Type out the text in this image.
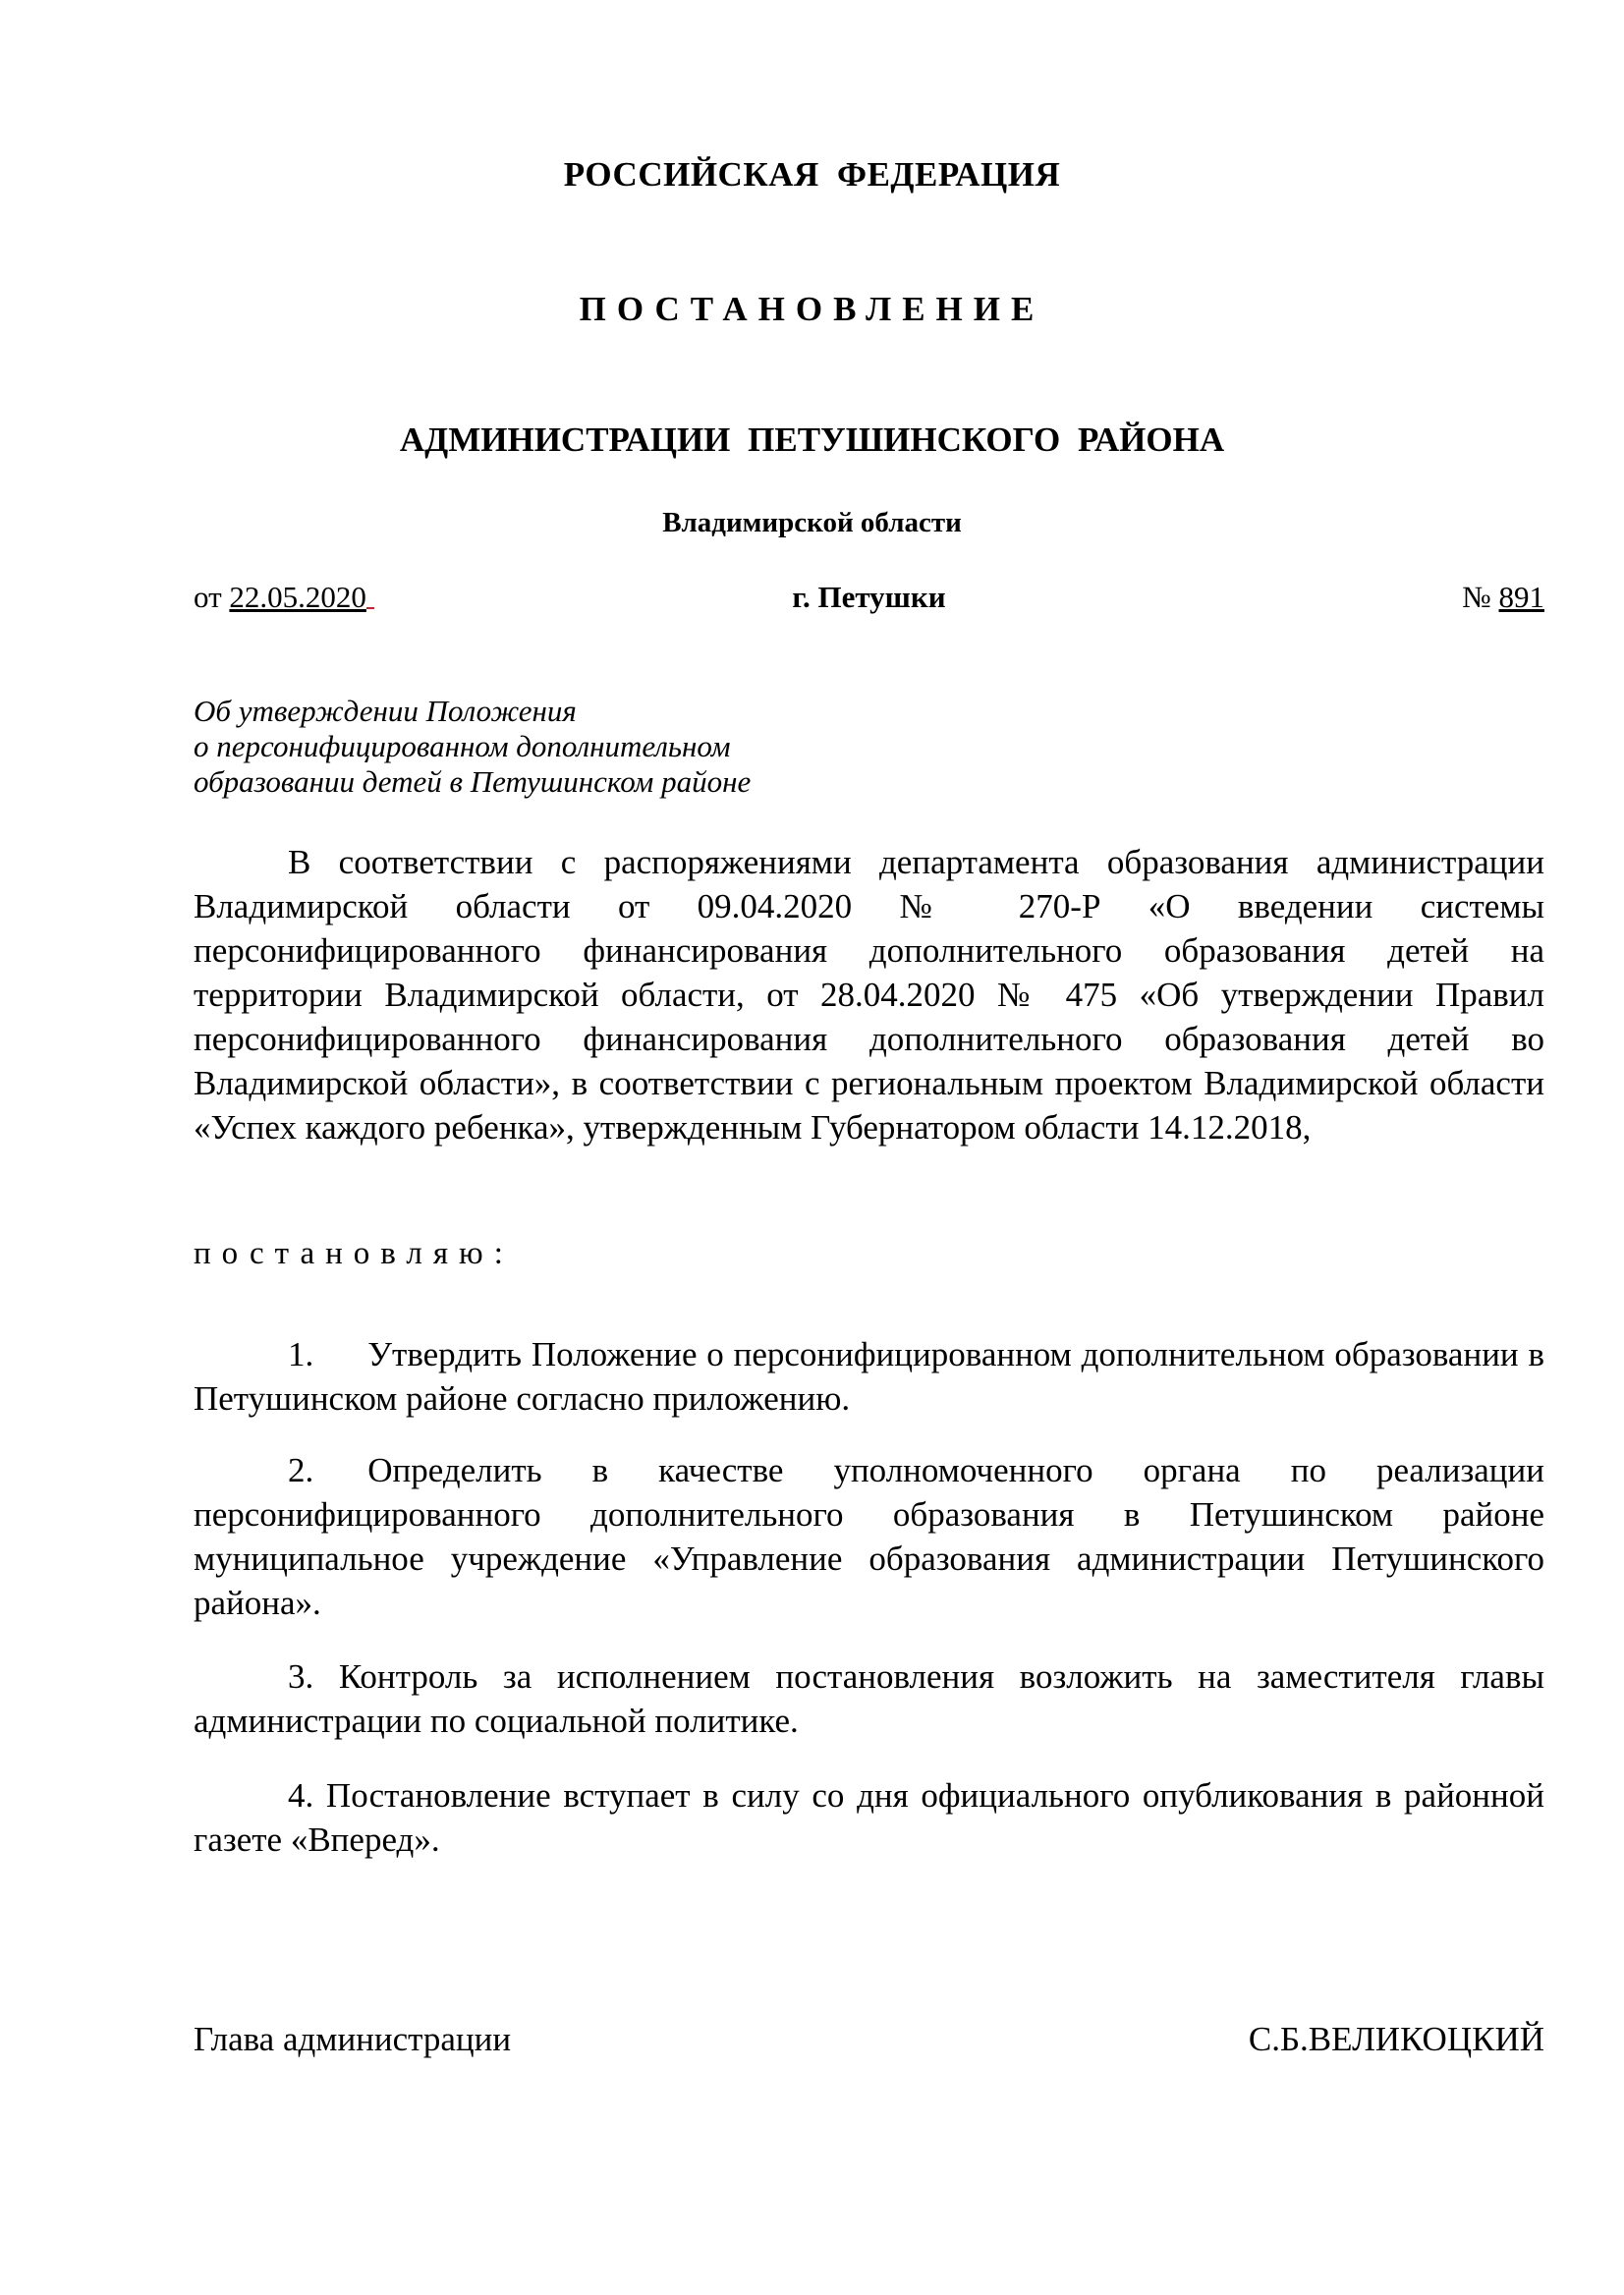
РОССИЙСКАЯ ФЕДЕРАЦИЯ
ПОСТАНОВЛЕНИЕ
АДМИНИСТРАЦИИ ПЕТУШИНСКОГО РАЙОНА
Владимирской области
от 22.05.2020	г. Петушки	№ 891
Об утверждении Положения
о персонифицированном дополнительном
образовании детей в Петушинском районе
В соответствии с распоряжениями департамента образования администрации Владимирской области от 09.04.2020 № 270-Р «О введении системы персонифицированного финансирования дополнительного образования детей на территории Владимирской области, от 28.04.2020 № 475 «Об утверждении Правил персонифицированного финансирования дополнительного образования детей во Владимирской области», в соответствии с региональным проектом Владимирской области «Успех каждого ребенка», утвержденным Губернатором области 14.12.2018,
постановляю:
1. Утвердить Положение о персонифицированном дополнительном образовании в Петушинском районе согласно приложению.
2. Определить в качестве уполномоченного органа по реализации персонифицированного дополнительного образования в Петушинском районе муниципальное учреждение «Управление образования администрации Петушинского района».
3. Контроль за исполнением постановления возложить на заместителя главы администрации по социальной политике.
4. Постановление вступает в силу со дня официального опубликования в районной газете «Вперед».
Глава администрации	С.Б.ВЕЛИКОЦКИЙ
